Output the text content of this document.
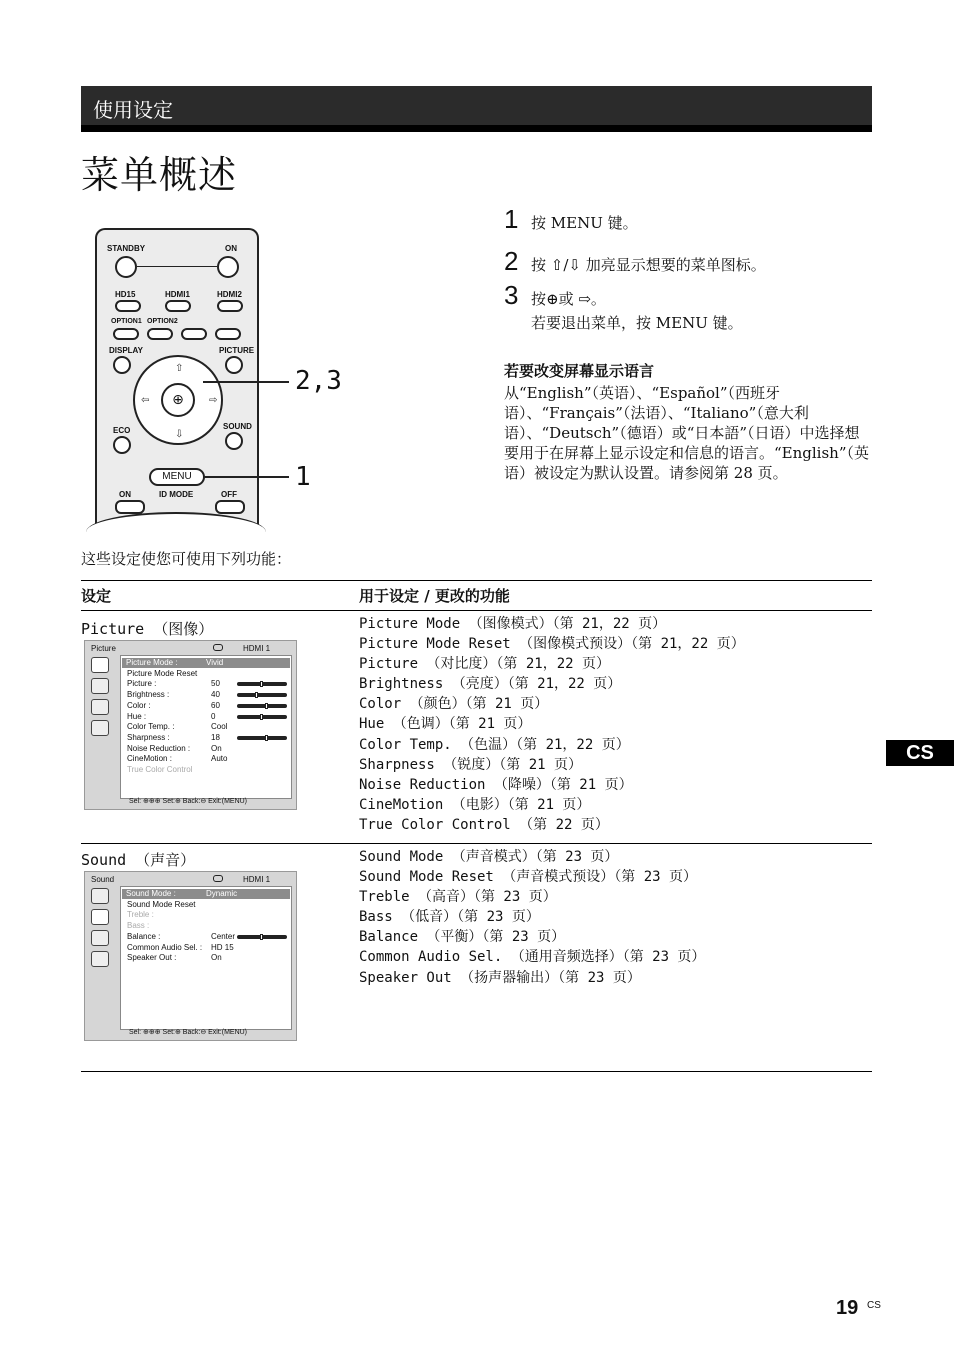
使用设定
菜单概述
STANDBY	ON
HD15	HDMI1	HDMI2
OPTION1 OPTION2
DISPLAY	PICTURE
⇧
⇩
⇦	⇨
⊕
ECO	SOUND
MENU
ON	ID MODE	OFF
2,3
1
1 按 MENU 键。
2 按 ⇧/⇩ 加亮显示想要的菜单图标。
3 按⊕或 ⇨。
若要退出菜单，按 MENU 键。
若要改变屏幕显示语言
从“English”（英语）、“Español”（西班牙语）、“Français”（法语）、“Italiano”（意大利语）、“Deutsch”（德语）或“日本語”（日语）中选择想要用于在屏幕上显示设定和信息的语言。“English”（英语）被设定为默认设置。请参阅第 28 页。
这些设定使您可使用下列功能：
设定	用于设定 / 更改的功能
Picture （图像）	Picture Mode （图像模式）（第 21，22 页）
Picture Mode Reset （图像模式预设）（第 21，22 页）
Picture （对比度）（第 21，22 页）
Brightness （亮度）（第 21，22 页）
Color （颜色）（第 21 页）
Hue （色调）（第 21 页）
Color Temp. （色温）（第 21，22 页）
Sharpness （锐度）（第 21 页）
Noise Reduction （降噪）（第 21 页）
CineMotion （电影）（第 21 页）
True Color Control （第 22 页）
Picture	HDMI 1
Picture Mode :	Vivid
Picture Mode Reset
Picture :	50
Brightness :	40
Color :	60
Hue :	0
Color Temp. :	Cool
Sharpness :	18
Noise Reduction :	On
CineMotion :	Auto
True Color Control
Sel: ⊕⊕⊕ Set:⊕ Back:⊖ Exit:(MENU)
Sound （声音）	Sound Mode （声音模式）（第 23 页）
Sound Mode Reset （声音模式预设）（第 23 页）
Treble （高音）（第 23 页）
Bass （低音）（第 23 页）
Balance （平衡）（第 23 页）
Common Audio Sel. （通用音频选择）（第 23 页）
Speaker Out （扬声器输出）（第 23 页）
Sound	HDMI 1
Sound Mode :	Dynamic
Sound Mode Reset
Treble :
Bass :
Balance :	Center
Common Audio Sel. : HD 15
Speaker Out :	On
Sel: ⊕⊕⊕ Set:⊕ Back:⊖ Exit:(MENU)
CS
19 CS
